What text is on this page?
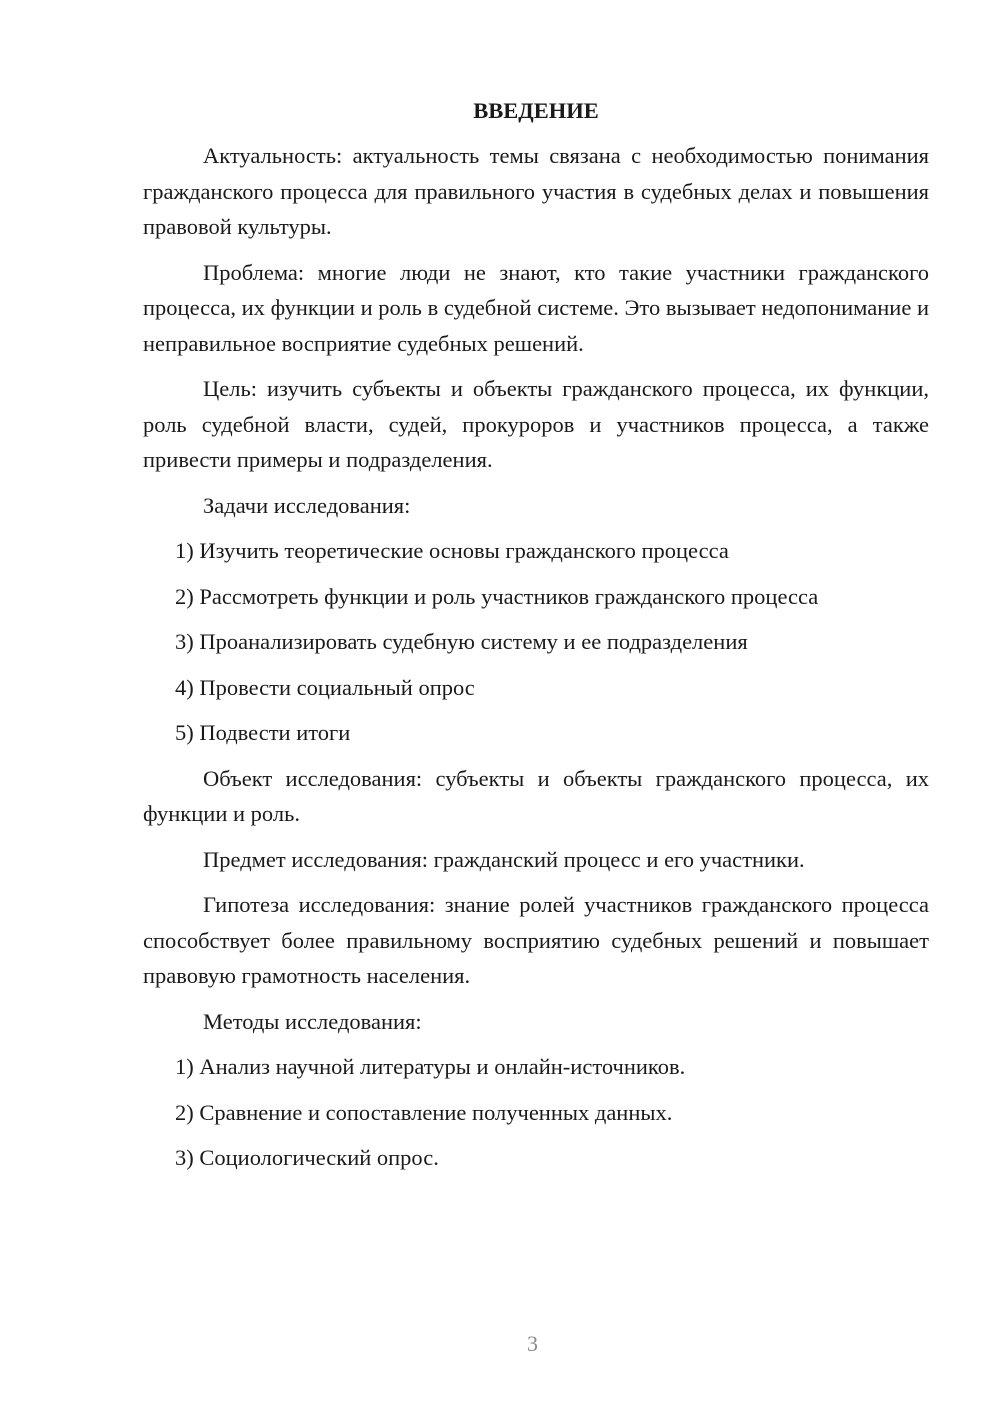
ВВЕДЕНИЕ
Актуальность: актуальность темы связана с необходимостью понимания гражданского процесса для правильного участия в судебных делах и повышения правовой культуры.
Проблема: многие люди не знают, кто такие участники гражданского процесса, их функции и роль в судебной системе. Это вызывает недопонимание и неправильное восприятие судебных решений.
Цель: изучить субъекты и объекты гражданского процесса, их функции, роль судебной власти, судей, прокуроров и участников процесса, а также привести примеры и подразделения.
Задачи исследования:
1) Изучить теоретические основы гражданского процесса
2) Рассмотреть функции и роль участников гражданского процесса
3) Проанализировать судебную систему и ее подразделения
4) Провести социальный опрос
5) Подвести итоги
Объект исследования: субъекты и объекты гражданского процесса, их функции и роль.
Предмет исследования: гражданский процесс и его участники.
Гипотеза исследования: знание ролей участников гражданского процесса способствует более правильному восприятию судебных решений и повышает правовую грамотность населения.
Методы исследования:
1) Анализ научной литературы и онлайн-источников.
2) Сравнение и сопоставление полученных данных.
3) Социологический опрос.
3
